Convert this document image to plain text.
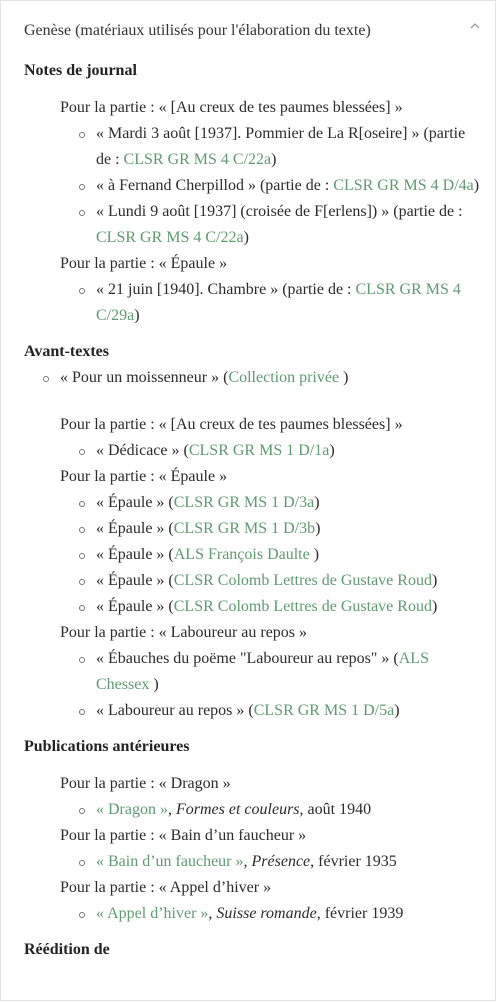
Genèse (matériaux utilisés pour l'élaboration du texte)
Notes de journal
Pour la partie : « [Au creux de tes paumes blessées] »
« Mardi 3 août [1937]. Pommier de La R[oseire] » (partie de : CLSR GR MS 4 C/22a)
« à Fernand Cherpillod » (partie de : CLSR GR MS 4 D/4a)
« Lundi 9 août [1937] (croisée de F[erlens]) » (partie de : CLSR GR MS 4 C/22a)
Pour la partie : « Épaule »
« 21 juin [1940]. Chambre » (partie de : CLSR GR MS 4 C/29a)
Avant-textes
« Pour un moissenneur » (Collection privée )
Pour la partie : « [Au creux de tes paumes blessées] »
« Dédicace » (CLSR GR MS 1 D/1a)
Pour la partie : « Épaule »
« Épaule » (CLSR GR MS 1 D/3a)
« Épaule » (CLSR GR MS 1 D/3b)
« Épaule » (ALS François Daulte )
« Épaule » (CLSR Colomb Lettres de Gustave Roud)
« Épaule » (CLSR Colomb Lettres de Gustave Roud)
Pour la partie : « Laboureur au repos »
« Ébauches du poëme "Laboureur au repos" » (ALS Chessex )
« Laboureur au repos » (CLSR GR MS 1 D/5a)
Publications antérieures
Pour la partie : « Dragon »
« Dragon », Formes et couleurs, août 1940
Pour la partie : « Bain d’un faucheur »
« Bain d’un faucheur », Présence, février 1935
Pour la partie : « Appel d’hiver »
« Appel d’hiver », Suisse romande, février 1939
Réédition de
